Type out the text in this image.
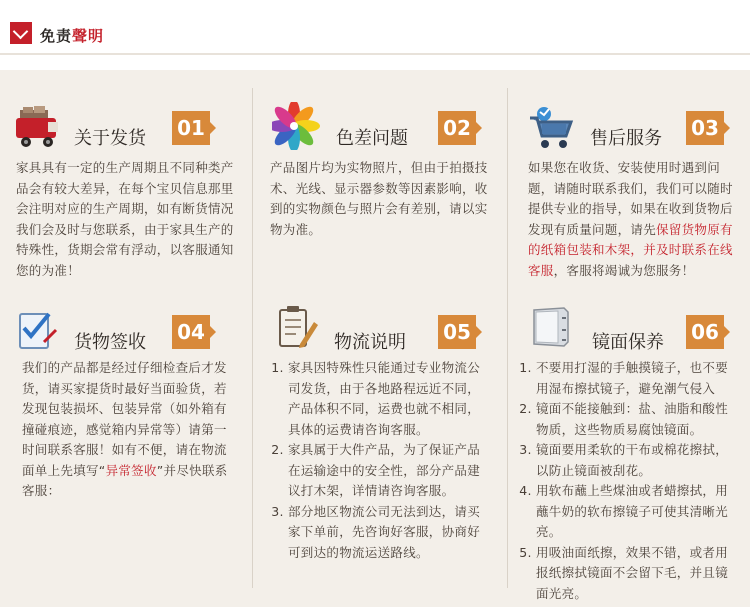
免责聲明
关于发货 01
家具具有一定的生产周期且不同种类产品会有较大差异，在每个宝贝信息那里会注明对应的生产周期，如有断货情况我们会及时与您联系，由于家具生产的特殊性，货期会常有浮动，以客服通知您的为准！
色差问题 02
产品图片均为实物照片，但由于拍摄技术、光线、显示器参数等因素影响，收到的实物颜色与照片会有差别，请以实物为准。
售后服务 03
如果您在收货、安装使用时遇到问题，请随时联系我们，我们可以随时提供专业的指导，如果在收到货物后发现有质量问题，请先保留货物原有的纸箱包装和木架，并及时联系在线客服，客服将竭诚为您服务！
货物签收 04
我们的产品都是经过仔细检查后才发货，请买家提货时最好当面验货，若发现包装损坏、包装异常（如外箱有撞碰痕迹，感觉箱内异常等）请第一时间联系客服！如有不便，请在物流面单上先填写“异常签收”并尽快联系客服：
物流说明 05
1. 家具因特殊性只能通过专业物流公司发货，由于各地路程远近不同，产品体积不同，运费也就不相同，具体的运费请咨询客服。
2. 家具属于大件产品，为了保证产品在运输途中的安全性，部分产品建议打木架，详情请咨询客服。
3. 部分地区物流公司无法到达，请买家下单前，先咨询好客服，协商好可到达的物流运送路线。
镜面保养 06
1. 不要用打湿的手触摸镜子，也不要用湿布擦拭镜子，避免潮气侵入
2. 镜面不能接触到：盐、油脂和酸性物质，这些物质易腐蚀镜面。
3. 镜面要用柔软的干布或棉花擦拭，以防止镜面被刮花。
4. 用软布蘸上些煤油或者蜡擦拭，用蘸牛奶的软布擦镜子可使其清晰光亮。
5. 用吸油面纸擦，效果不错，或者用报纸擦拭镜面不会留下毛，并且镜面光亮。
